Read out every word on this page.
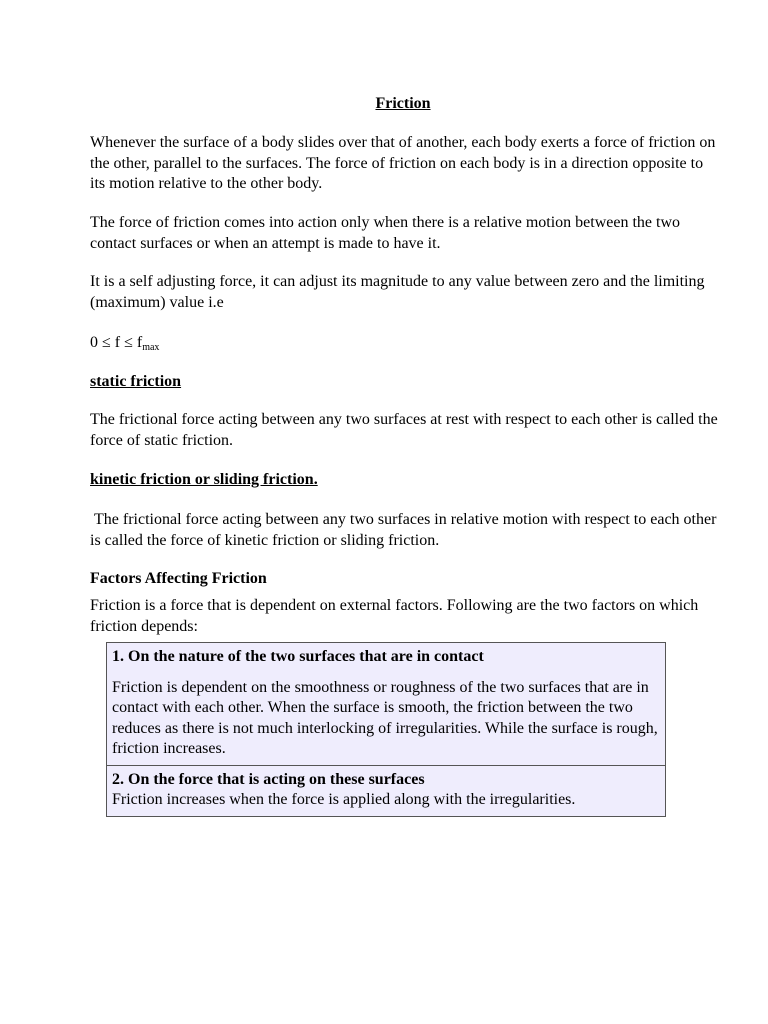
Friction

Whenever the surface of a body slides over that of another, each body exerts a force of friction on the other, parallel to the surfaces. The force of friction on each body is in a direction opposite to its motion relative to the other body.

The force of friction comes into action only when there is a relative motion between the two contact surfaces or when an attempt is made to have it.

It is a self adjusting force, it can adjust its magnitude to any value between zero and the limiting (maximum) value i.e

$0 \le f \le f_{max}$

static friction

The frictional force acting between any two surfaces at rest with respect to each other is called the force of static friction.

kinetic friction or sliding friction.

The frictional force acting between any two surfaces in relative motion with respect to each other is called the force of kinetic friction or sliding friction.

Factors Affecting Friction

Friction is a force that is dependent on external factors. Following are the two factors on which friction depends:

1. On the nature of the two surfaces that are in contact
Friction is dependent on the smoothness or roughness of the two surfaces that are in contact with each other. When the surface is smooth, the friction between the two reduces as there is not much interlocking of irregularities. While the surface is rough, friction increases.
2. On the force that is acting on these surfaces
Friction increases when the force is applied along with the irregularities.
